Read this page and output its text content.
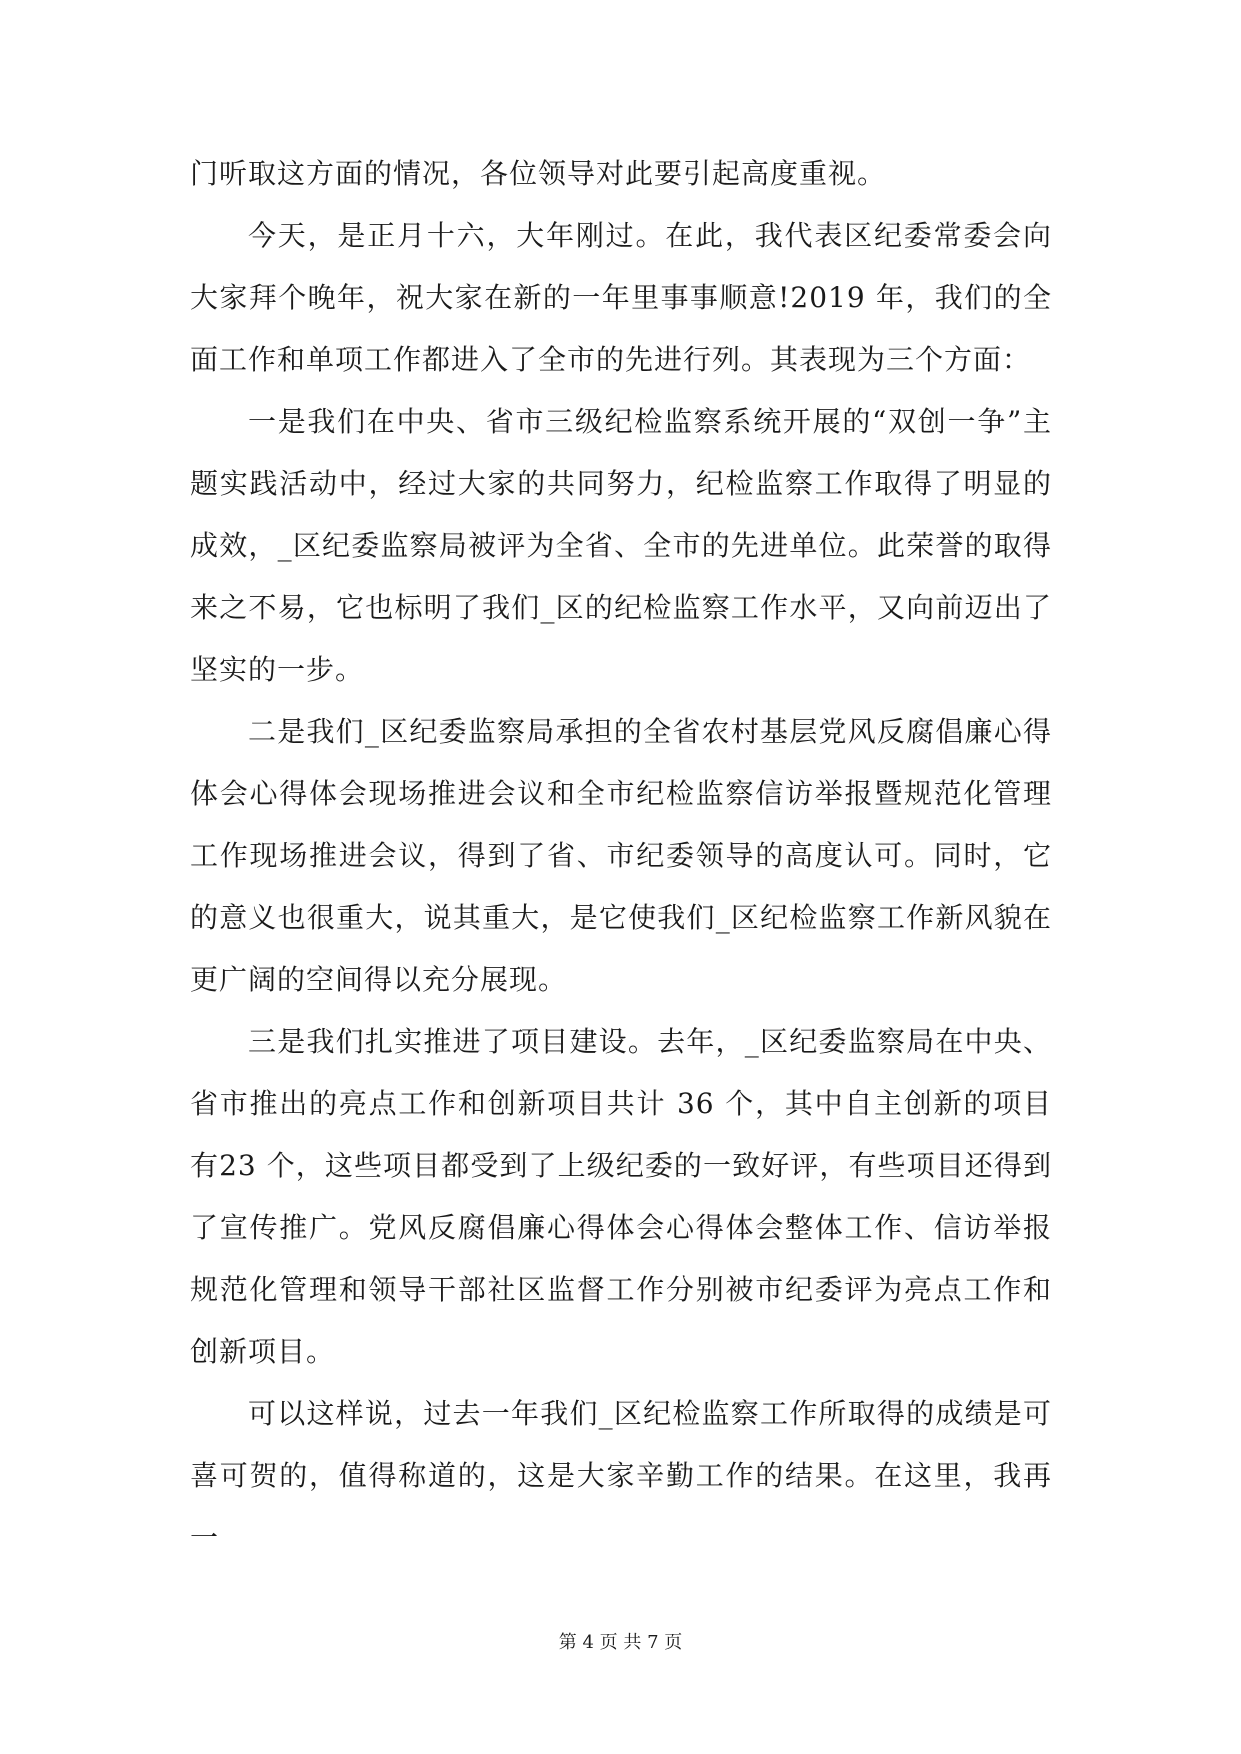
门听取这方面的情况，各位领导对此要引起高度重视。

今天，是正月十六，大年刚过。在此，我代表区纪委常委会向大家拜个晚年，祝大家在新的一年里事事顺意!2019 年，我们的全面工作和单项工作都进入了全市的先进行列。其表现为三个方面：

一是我们在中央、省市三级纪检监察系统开展的“双创一争”主题实践活动中，经过大家的共同努力，纪检监察工作取得了明显的成效，_区纪委监察局被评为全省、全市的先进单位。此荣誉的取得来之不易，它也标明了我们_区的纪检监察工作水平，又向前迈出了坚实的一步。

二是我们_区纪委监察局承担的全省农村基层党风反腐倡廉心得体会心得体会现场推进会议和全市纪检监察信访举报暨规范化管理工作现场推进会议，得到了省、市纪委领导的高度认可。同时，它的意义也很重大，说其重大，是它使我们_区纪检监察工作新风貌在更广阔的空间得以充分展现。

三是我们扎实推进了项目建设。去年，_区纪委监察局在中央、省市推出的亮点工作和创新项目共计 36 个，其中自主创新的项目有23 个，这些项目都受到了上级纪委的一致好评，有些项目还得到了宣传推广。党风反腐倡廉心得体会心得体会整体工作、信访举报规范化管理和领导干部社区监督工作分别被市纪委评为亮点工作和创新项目。

可以这样说，过去一年我们_区纪检监察工作所取得的成绩是可喜可贺的，值得称道的，这是大家辛勤工作的结果。在这里，我再一

第 4 页 共 7 页
